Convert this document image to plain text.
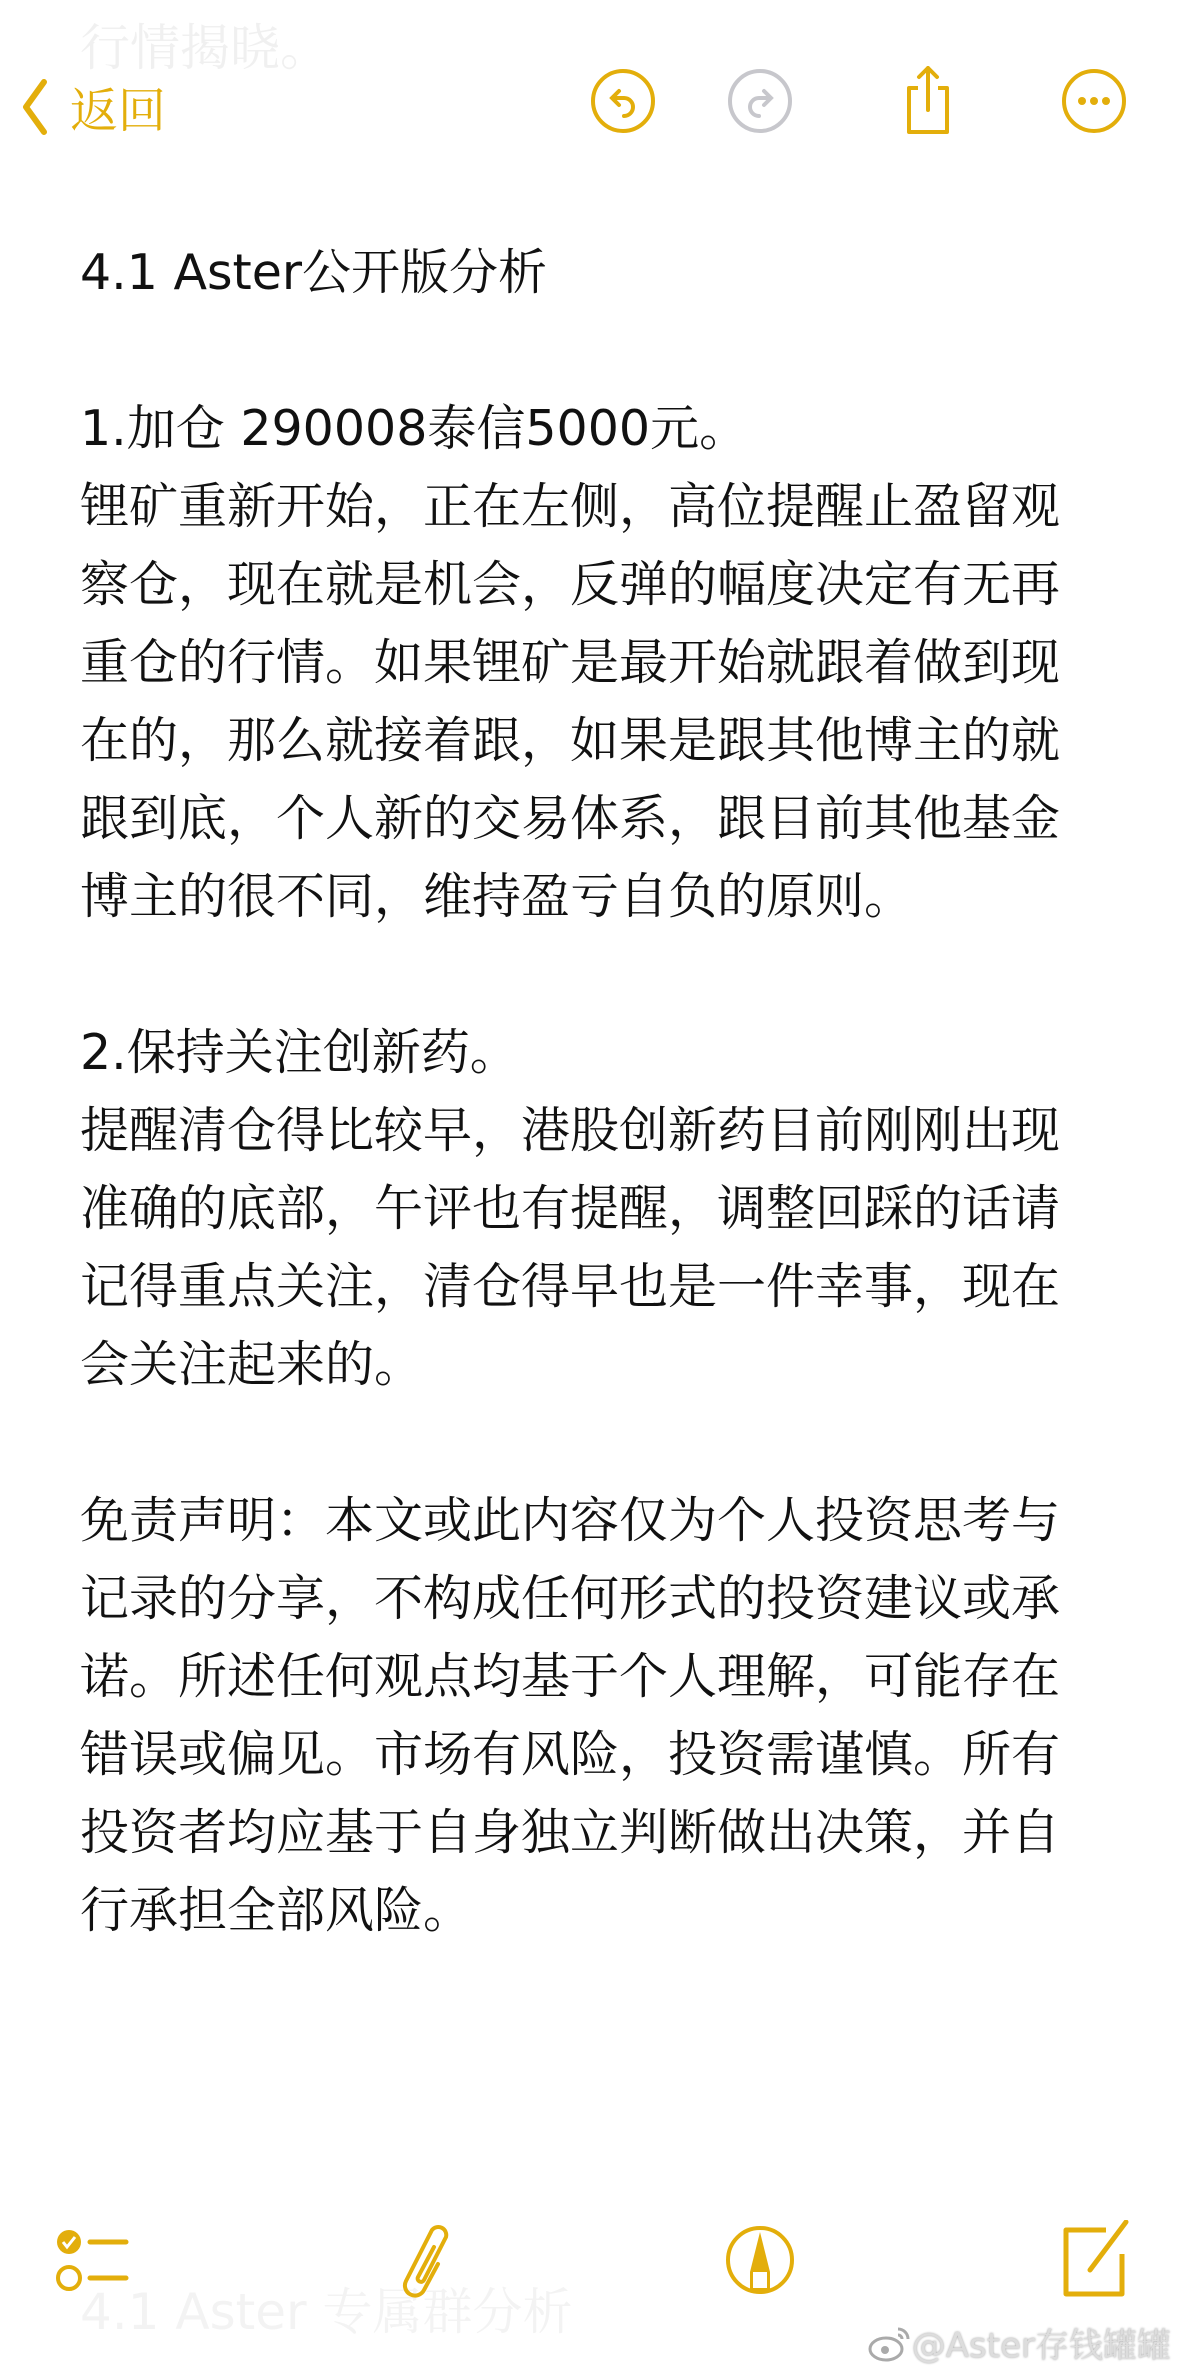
行情揭晓。
返回
4.1 Aster公开版分析
1.加仓 290008泰信5000元。
锂矿重新开始，正在左侧，高位提醒止盈留观
察仓，现在就是机会，反弹的幅度决定有无再
重仓的行情。如果锂矿是最开始就跟着做到现
在的，那么就接着跟，如果是跟其他博主的就
跟到底，个人新的交易体系，跟目前其他基金
博主的很不同，维持盈亏自负的原则。
2.保持关注创新药。
提醒清仓得比较早，港股创新药目前刚刚出现
准确的底部，午评也有提醒，调整回踩的话请
记得重点关注，清仓得早也是一件幸事，现在
会关注起来的。
免责声明：本文或此内容仅为个人投资思考与
记录的分享，不构成任何形式的投资建议或承
诺。所述任何观点均基于个人理解，可能存在
错误或偏见。市场有风险，投资需谨慎。所有
投资者均应基于自身独立判断做出决策，并自
行承担全部风险。
4.1 Aster 专属群分析
@Aster存钱罐罐
